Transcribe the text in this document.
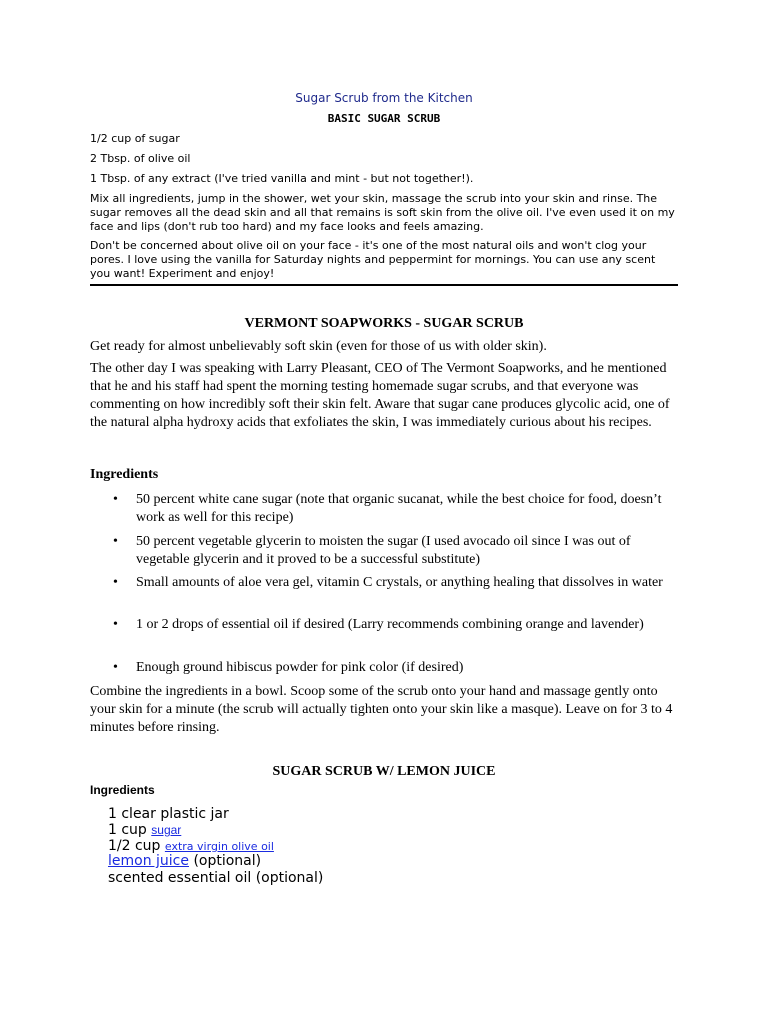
Sugar Scrub from the Kitchen
BASIC SUGAR SCRUB
1/2 cup of sugar
2 Tbsp. of olive oil
1 Tbsp. of any extract (I've tried vanilla and mint - but not together!).
Mix all ingredients, jump in the shower, wet your skin, massage the scrub into your skin and rinse. The sugar removes all the dead skin and all that remains is soft skin from the olive oil. I've even used it on my face and lips (don't rub too hard) and my face looks and feels amazing.
Don't be concerned about olive oil on your face - it's one of the most natural oils and won't clog your pores. I love using the vanilla for Saturday nights and peppermint for mornings. You can use any scent you want! Experiment and enjoy!
VERMONT SOAPWORKS - SUGAR SCRUB
Get ready for almost unbelievably soft skin (even for those of us with older skin).
The other day I was speaking with Larry Pleasant, CEO of The Vermont Soapworks, and he mentioned that he and his staff had spent the morning testing homemade sugar scrubs, and that everyone was commenting on how incredibly soft their skin felt. Aware that sugar cane produces glycolic acid, one of the natural alpha hydroxy acids that exfoliates the skin, I was immediately curious about his recipes.
Ingredients
• 50 percent white cane sugar (note that organic sucanat, while the best choice for food, doesn’t work as well for this recipe)
• 50 percent vegetable glycerin to moisten the sugar (I used avocado oil since I was out of vegetable glycerin and it proved to be a successful substitute)
• Small amounts of aloe vera gel, vitamin C crystals, or anything healing that dissolves in water
• 1 or 2 drops of essential oil if desired (Larry recommends combining orange and lavender)
• Enough ground hibiscus powder for pink color (if desired)
Combine the ingredients in a bowl. Scoop some of the scrub onto your hand and massage gently onto your skin for a minute (the scrub will actually tighten onto your skin like a masque). Leave on for 3 to 4 minutes before rinsing.
SUGAR SCRUB W/ LEMON JUICE
Ingredients
1 clear plastic jar
1 cup sugar
1/2 cup extra virgin olive oil
lemon juice (optional)
scented essential oil (optional)
